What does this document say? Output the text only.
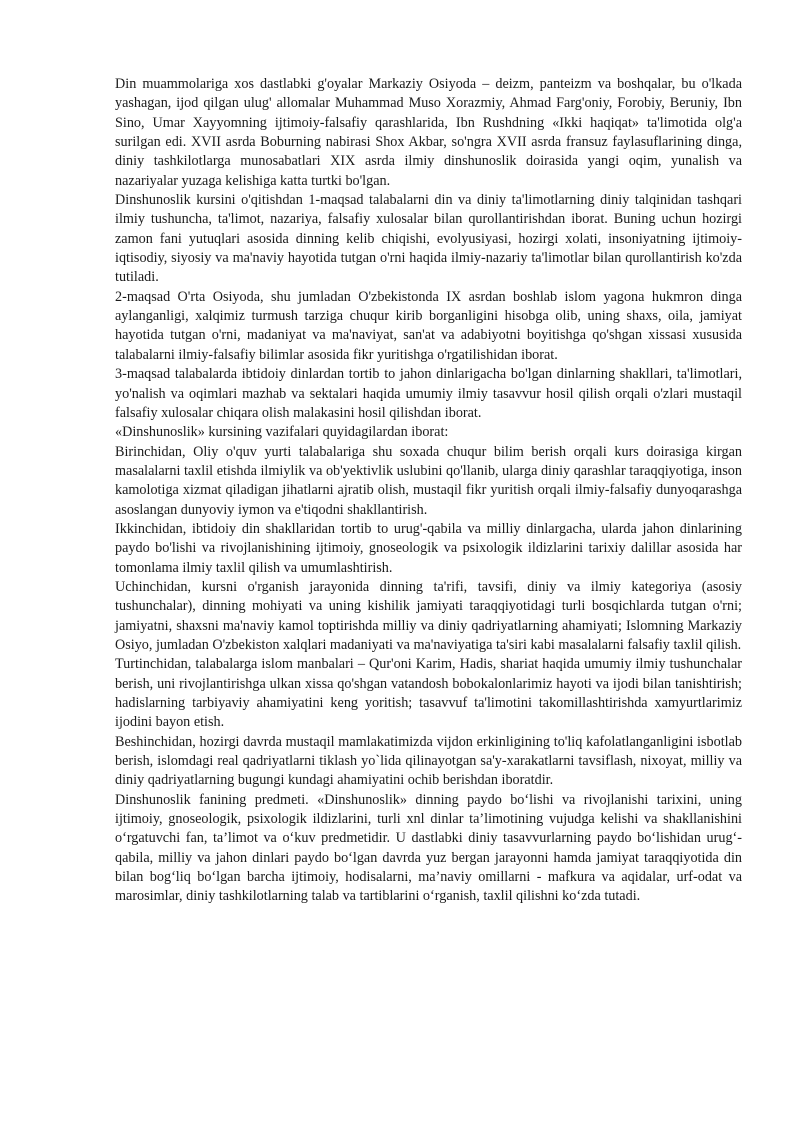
Din muammolariga xos dastlabki g'oyalar Markaziy Osiyoda – deizm, panteizm va boshqalar, bu o'lkada yashagan, ijod qilgan ulug' allomalar Muhammad Muso Xorazmiy, Ahmad Farg'oniy, Forobiy, Beruniy, Ibn Sino, Umar Xayyomning ijtimoiy-falsafiy qarashlarida, Ibn Rushdning «Ikki haqiqat» ta'limotida olg'a surilgan edi. XVII asrda Boburning nabirasi Shox Akbar, so'ngra XVII asrda fransuz faylasuflarining dinga, diniy tashkilotlarga munosabatlari XIX asrda ilmiy dinshunoslik doirasida yangi oqim, yunalish va nazariyalar yuzaga kelishiga katta turtki bo'lgan.

Dinshunoslik kursini o'qitishdan 1-maqsad talabalarni din va diniy ta'limotlarning diniy talqinidan tashqari ilmiy tushuncha, ta'limot, nazariya, falsafiy xulosalar bilan qurollantirishdan iborat. Buning uchun hozirgi zamon fani yutuqlari asosida dinning kelib chiqishi, evolyusiyasi, hozirgi xolati, insoniyatning ijtimoiy-iqtisodiy, siyosiy va ma'naviy hayotida tutgan o'rni haqida ilmiy-nazariy ta'limotlar bilan qurollantirish ko'zda tutiladi.

2-maqsad O'rta Osiyoda, shu jumladan O'zbekistonda IX asrdan boshlab islom yagona hukmron dinga aylanganligi, xalqimiz turmush tarziga chuqur kirib borganligini hisobga olib, uning shaxs, oila, jamiyat hayotida tutgan o'rni, madaniyat va ma'naviyat, san'at va adabiyotni boyitishga qo'shgan xissasi xususida talabalarni ilmiy-falsafiy bilimlar asosida fikr yuritishga o'rgatilishidan iborat.

3-maqsad talabalarda ibtidoiy dinlardan tortib to jahon dinlarigacha bo'lgan dinlarning shakllari, ta'limotlari, yo'nalish va oqimlari mazhab va sektalari haqida umumiy ilmiy tasavvur hosil qilish orqali o'zlari mustaqil falsafiy xulosalar chiqara olish malakasini hosil qilishdan iborat.

«Dinshunoslik» kursining vazifalari quyidagilardan iborat:

Birinchidan, Oliy o'quv yurti talabalariga shu soxada chuqur bilim berish orqali kurs doirasiga kirgan masalalarni taxlil etishda ilmiylik va ob'yektivlik uslubini qo'llanib, ularga diniy qarashlar taraqqiyotiga, inson kamolotiga xizmat qiladigan jihatlarni ajratib olish, mustaqil fikr yuritish orqali ilmiy-falsafiy dunyoqarashga asoslangan dunyoviy iymon va e'tiqodni shakllantirish.

Ikkinchidan, ibtidoiy din shakllaridan tortib to urug'-qabila va milliy dinlargacha, ularda jahon dinlarining paydo bo'lishi va rivojlanishining ijtimoiy, gnoseologik va psixologik ildizlarini tarixiy dalillar asosida har tomonlama ilmiy taxlil qilish va umumlashtirish.

Uchinchidan, kursni o'rganish jarayonida dinning ta'rifi, tavsifi, diniy va ilmiy kategoriya (asosiy tushunchalar), dinning mohiyati va uning kishilik jamiyati taraqqiyotidagi turli bosqichlarda tutgan o'rni; jamiyatni, shaxsni ma'naviy kamol toptirishda milliy va diniy qadriyatlarning ahamiyati; Islomning Markaziy Osiyo, jumladan O'zbekiston xalqlari madaniyati va ma'naviyatiga ta'siri kabi masalalarni falsafiy taxlil qilish.

Turtinchidan, talabalarga islom manbalari – Qur'oni Karim, Hadis, shariat haqida umumiy ilmiy tushunchalar berish, uni rivojlantirishga ulkan xissa qo'shgan vatandosh bobokalonlarimiz hayoti va ijodi bilan tanishtirish; hadislarning tarbiyaviy ahamiyatini keng yoritish; tasavvuf ta'limotini takomillashtirishda xamyurtlarimiz ijodini bayon etish.

Beshinchidan, hozirgi davrda mustaqil mamlakatimizda vijdon erkinligining to'liq kafolatlanganligini isbotlab berish, islomdagi real qadriyatlarni tiklash yo`lida qilinayotgan sa'y-xarakatlarni tavsiflash, nixoyat, milliy va diniy qadriyatlarning bugungi kundagi ahamiyatini ochib berishdan iboratdir.

Dinshunoslik fanining predmeti. «Dinshunoslik» dinning paydo bo‘lishi va rivojlanishi tarixini, uning ijtimoiy, gnoseologik, psixologik ildizlarini, turli xnl dinlar ta’limotining vujudga kelishi va shakllanishini o‘rgatuvchi fan, ta’limot va o‘kuv predmetidir. U dastlabki diniy tasavvurlarning paydo bo‘lishidan urug‘-qabila, milliy va jahon dinlari paydo bo‘lgan davrda yuz bergan jarayonni hamda jamiyat taraqqiyotida din bilan bog‘liq bo‘lgan barcha ijtimoiy, hodisalarni, ma’naviy omillarni - mafkura va aqidalar, urf-odat va marosimlar, diniy tashkilotlarning talab va tartiblarini o‘rganish, taxlil qilishni ko‘zda tutadi.
